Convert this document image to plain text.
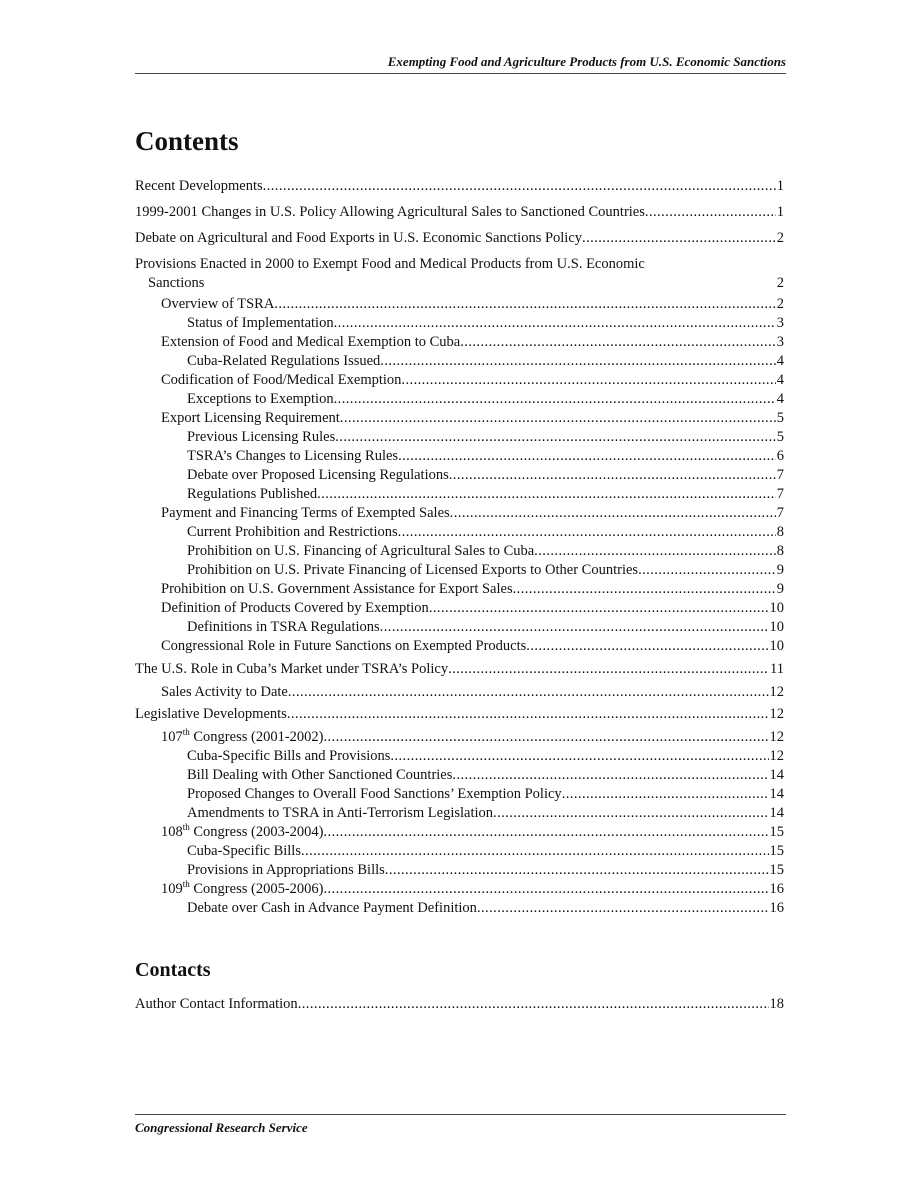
Exempting Food and Agriculture Products from U.S. Economic Sanctions
Contents
Recent Developments . . .	1
1999-2001 Changes in U.S. Policy Allowing Agricultural Sales to Sanctioned Countries . . .	1
Debate on Agricultural and Food Exports in U.S. Economic Sanctions Policy . . .	2
Provisions Enacted in 2000 to Exempt Food and Medical Products from U.S. Economic
Sanctions	2
Overview of TSRA . . .	2
Status of Implementation . . .	3
Extension of Food and Medical Exemption to Cuba . . .	3
Cuba-Related Regulations Issued . . .	4
Codification of Food/Medical Exemption . . .	4
Exceptions to Exemption . . .	4
Export Licensing Requirement . . .	5
Previous Licensing Rules . . .	5
TSRA’s Changes to Licensing Rules . . .	6
Debate over Proposed Licensing Regulations . . .	7
Regulations Published . . .	7
Payment and Financing Terms of Exempted Sales . . .	7
Current Prohibition and Restrictions . . .	8
Prohibition on U.S. Financing of Agricultural Sales to Cuba . . .	8
Prohibition on U.S. Private Financing of Licensed Exports to Other Countries . . .	9
Prohibition on U.S. Government Assistance for Export Sales . . .	9
Definition of Products Covered by Exemption . . .	10
Definitions in TSRA Regulations . . .	10
Congressional Role in Future Sanctions on Exempted Products . . .	10
The U.S. Role in Cuba’s Market under TSRA’s Policy . . .	11
Sales Activity to Date . . .	12
Legislative Developments . . .	12
107th Congress (2001-2002) . . .	12
Cuba-Specific Bills and Provisions . . .	12
Bill Dealing with Other Sanctioned Countries . . .	14
Proposed Changes to Overall Food Sanctions’ Exemption Policy . . .	14
Amendments to TSRA in Anti-Terrorism Legislation . . .	14
108th Congress (2003-2004) . . .	15
Cuba-Specific Bills . . .	15
Provisions in Appropriations Bills . . .	15
109th Congress (2005-2006) . . .	16
Debate over Cash in Advance Payment Definition . . .	16
Author Contact Information . . .	18
Contacts
Congressional Research Service
